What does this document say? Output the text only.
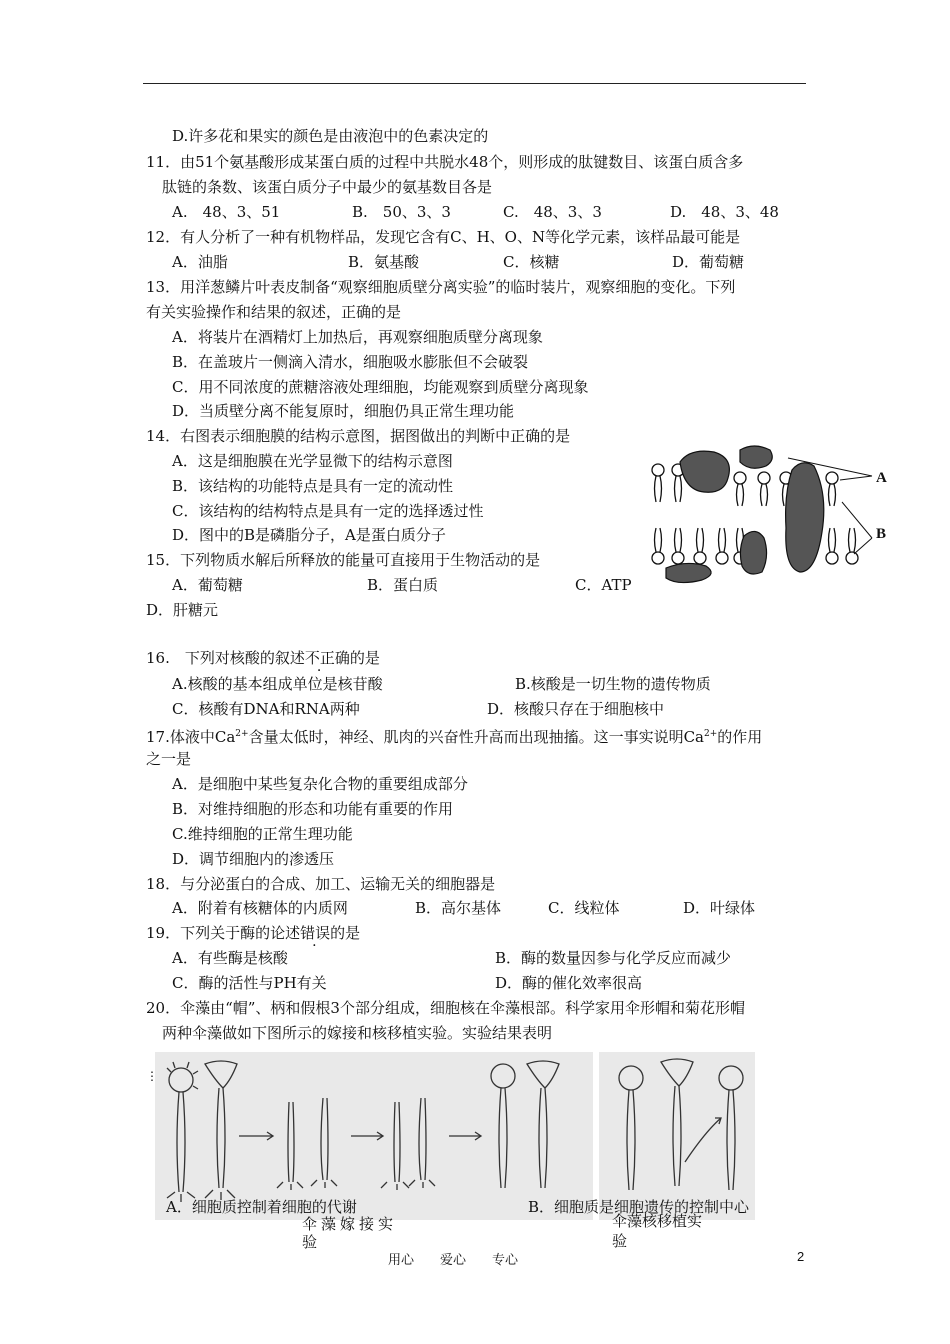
D.许多花和果实的颜色是由液泡中的色素决定的
11．由51个氨基酸形成某蛋白质的过程中共脱水48个，则形成的肽键数目、该蛋白质含多
肽链的条数、该蛋白质分子中最少的氨基数目各是
A.　48、3、51	B.　50、3、3	C.　48、3、3	D.　48、3、48
12．有人分析了一种有机物样品，发现它含有C、H、O、N等化学元素，该样品最可能是
A．油脂	B．氨基酸	C．核糖	D．葡萄糖
13．用洋葱鳞片叶表皮制备“观察细胞质壁分离实验”的临时装片，观察细胞的变化。下列
有关实验操作和结果的叙述，正确的是
A．将装片在酒精灯上加热后，再观察细胞质壁分离现象
B．在盖玻片一侧滴入清水，细胞吸水膨胀但不会破裂
C．用不同浓度的蔗糖溶液处理细胞，均能观察到质壁分离现象
D．当质壁分离不能复原时，细胞仍具正常生理功能
14．右图表示细胞膜的结构示意图，据图做出的判断中正确的是
A．这是细胞膜在光学显微下的结构示意图
B．该结构的功能特点是具有一定的流动性
C．该结构的结构特点是具有一定的选择透过性
D．图中的B是磷脂分子，A是蛋白质分子
A
B
15．下列物质水解后所释放的能量可直接用于生物活动的是
A．葡萄糖	B．蛋白质	C．ATP
D．肝糖元
16.　下列对核酸的叙述不正确的是
A.核酸的基本组成单位是核苷酸	B.核酸是一切生物的遗传物质
C．核酸有DNA和RNA两种	D．核酸只存在于细胞核中
17.体液中$Ca^{2+}$含量太低时，神经、肌肉的兴奋性升高而出现抽搐。这一事实说明$Ca^{2+}$的作用
之一是
A．是细胞中某些复杂化合物的重要组成部分
B．对维持细胞的形态和功能有重要的作用
C.维持细胞的正常生理功能
D．调节细胞内的渗透压
18．与分泌蛋白的合成、加工、运输无关的细胞器是
A．附着有核糖体的内质网	B．高尔基体	C．线粒体	D．叶绿体
19．下列关于酶的论述错误的是
A．有些酶是核酸	B．酶的数量因参与化学反应而减少
C．酶的活性与PH有关	D．酶的催化效率很高
20．伞藻由“帽”、柄和假根3个部分组成，细胞核在伞藻根部。科学家用伞形帽和菊花形帽
两种伞藻做如下图所示的嫁接和核移植实验。实验结果表明
⋮
A．细胞质控制着细胞的代谢	B．细胞质是细胞遗传的控制中心
伞藻嫁接实
验
伞藻核移植实
验
用心 爱心 专心	2
